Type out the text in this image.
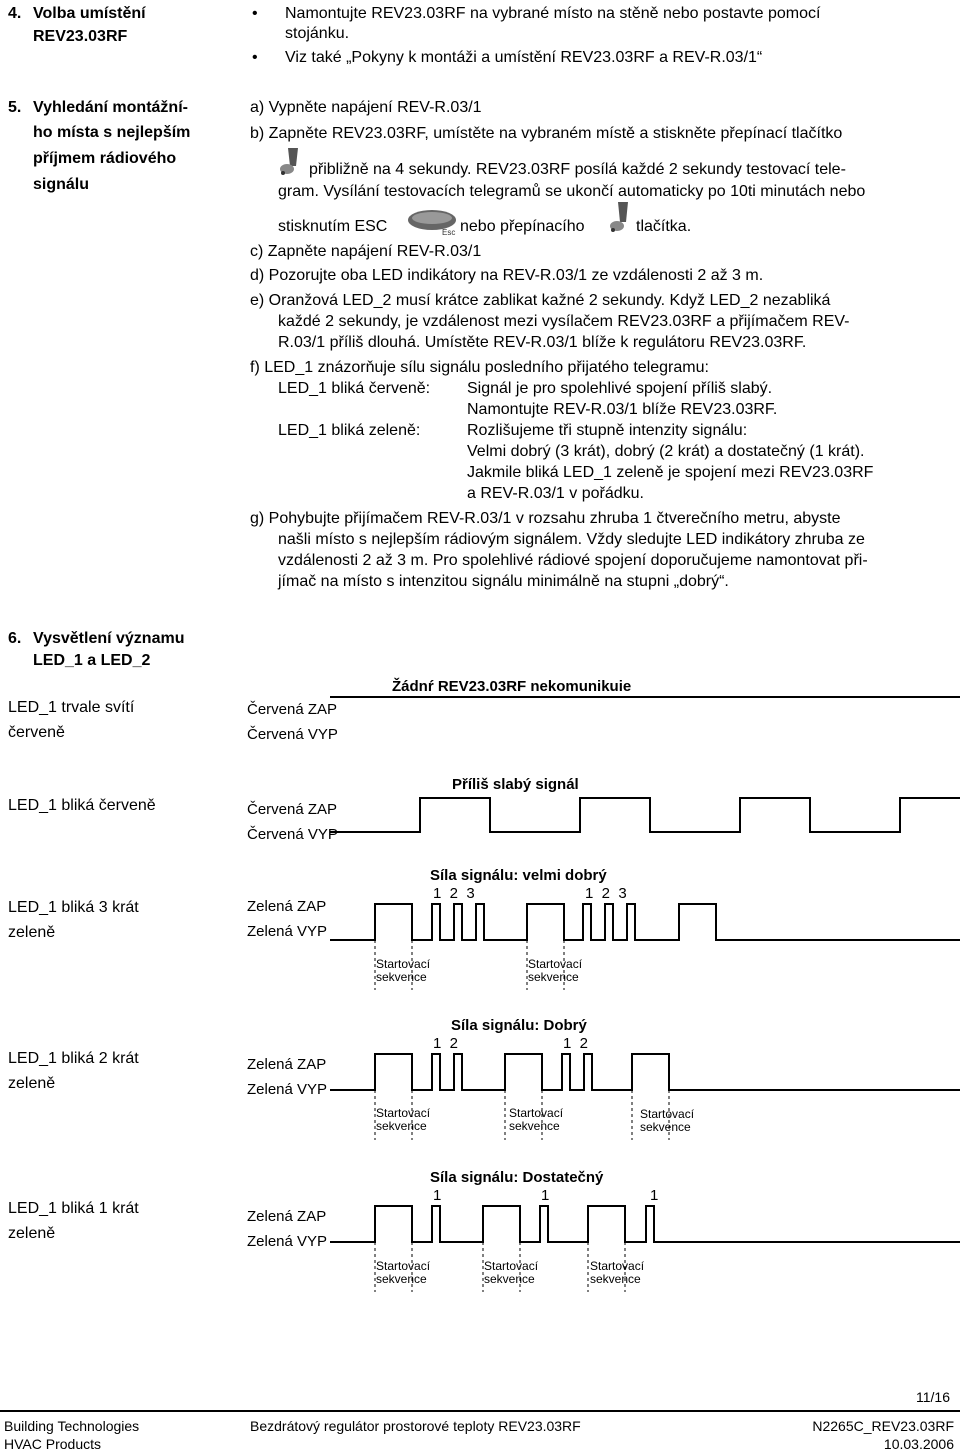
4. Volba umístění
REV23.03RF
• Namontujte REV23.03RF na vybrané místo na stěně nebo postavte pomocí
stojánku.
• Viz také „Pokyny k montáži a umístění REV23.03RF a REV-R.03/1“
5. Vyhledání montážní-
ho místa s nejlepším
příjmem rádiového
signálu
a) Vypněte napájení REV-R.03/1
b) Zapněte REV23.03RF, umístěte na vybraném místě a stiskněte přepínací tlačítko
přibližně na 4 sekundy. REV23.03RF posílá každé 2 sekundy testovací tele-
gram. Vysílání testovacích telegramů se ukončí automaticky po 10ti minutách nebo
stisknutím ESC	Esc nebo přepínacího	tlačítka.
c) Zapněte napájení REV-R.03/1
d) Pozorujte oba LED indikátory na REV-R.03/1 ze vzdálenosti 2 až 3 m.
e) Oranžová LED_2 musí krátce zablikat kažné 2 sekundy. Když LED_2 nezabliká
každé 2 sekundy, je vzdálenost mezi vysílačem REV23.03RF a přijímačem REV-
R.03/1 příliš dlouhá. Umístěte REV-R.03/1 blíže k regulátoru REV23.03RF.
f) LED_1 znázorňuje sílu signálu posledního přijatého telegramu:
LED_1 bliká červeně: Signál je pro spolehlivé spojení příliš slabý.
Namontujte REV-R.03/1 blíže REV23.03RF.
LED_1 bliká zeleně:	Rozlišujeme tři stupně intenzity signálu:
Velmi dobrý (3 krát), dobrý (2 krát) a dostatečný (1 krát).
Jakmile bliká LED_1 zeleně je spojení mezi REV23.03RF
a REV-R.03/1 v pořádku.
g) Pohybujte přijímačem REV-R.03/1 v rozsahu zhruba 1 čtverečního metru, abyste
našli místo s nejlepším rádiovým signálem. Vždy sledujte LED indikátory zhruba ze
vzdálenosti 2 až 3 m. Pro spolehlivé rádiové spojení doporučujeme namontovat při-
jímač na místo s intenzitou signálu minimálně na stupni „dobrý“.
6. Vysvětlení významu
LED_1 a LED_2
LED_1 trvale svítí
červeně
Červená ZAP
Červená VYP
Žádnŕ REV23.03RF nekomunikuie
LED_1 bliká červeně	Červená ZAP
Červená VYP
Příliš slabý signál
LED_1 bliká 3 krát
zeleně
Zelená ZAP
Zelená VYP
Síla signálu: velmi dobrý
1  2  3	1  2  3
Startovací
sekvence
Startovací
sekvence
LED_1 bliká 2 krát
zeleně
Zelená ZAP
Zelená VYP
Síla signálu: Dobrý
1  2	1  2
Startovací
sekvence
Startovací
sekvence
Startovací
sekvence
LED_1 bliká 1 krát
zeleně
Zelená ZAP
Zelená VYP
Síla signálu: Dostatečný
1	1	1
Startovací
sekvence
Startovací
sekvence
Startovací
sekvence
11/16
Building Technologies
HVAC Products
Bezdrátový regulátor prostorové teploty REV23.03RF	N2265C_REV23.03RF
10.03.2006
